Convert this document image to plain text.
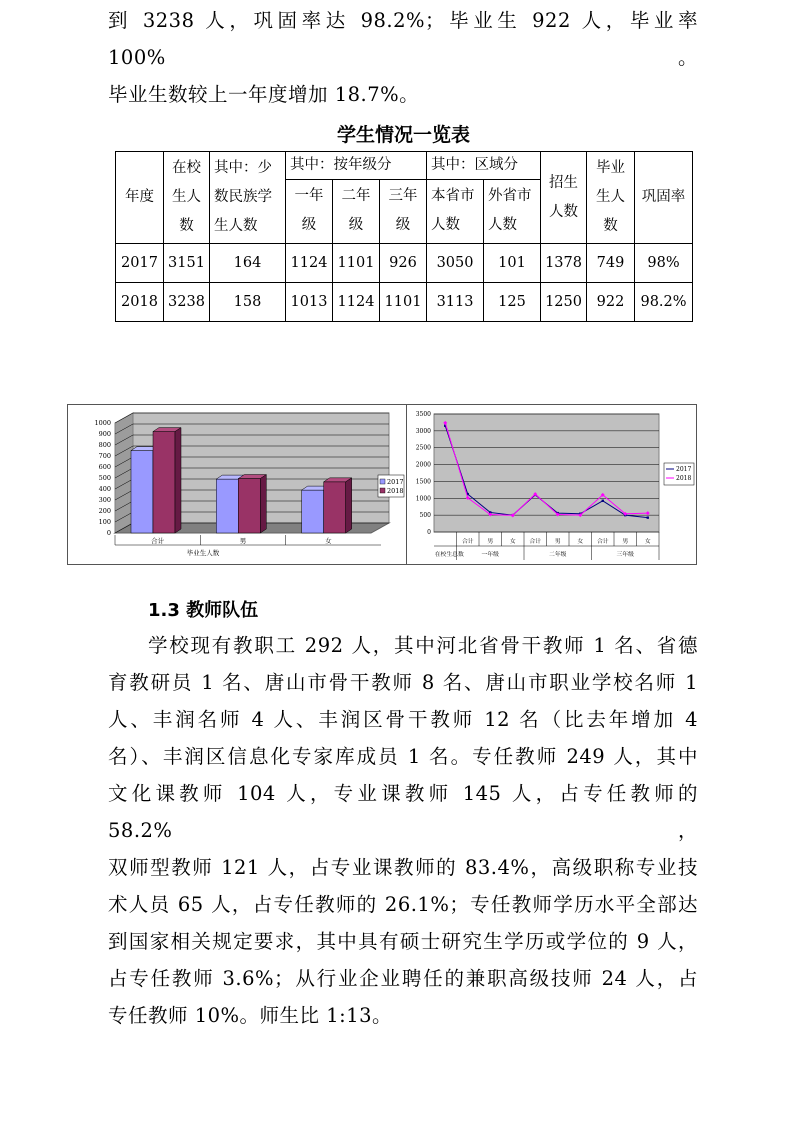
到 3238 人，巩固率达 98.2%；毕业生 922 人，毕业率 100%。
毕业生数较上一年度增加 18.7%。
学生情况一览表
年度	在校生人数	其中：少数民族学生人数	其中：按年级分			其中：区域分		招生人数	毕业生人数	巩固率
			一年级	二年级	三年级	本省市人数	外省市人数			
2017	3151	164	1124	1101	926	3050	101	1378	749	98%
2018	3238	158	1013	1124	1101	3113	125	1250	922	98.2%
0
100
200
300
400
500
600
700
800
900
1000
合计	男	女
毕业生人数
2017
2018
0
500
1000
1500
2000
2500
3000
3500
在校生总数
合计 男	女 合计 男	女 合计 男	女
一年级	二年级	三年级
2017
2018
1.3 教师队伍
学校现有教职工 292 人，其中河北省骨干教师 1 名、省德
育教研员 1 名、唐山市骨干教师 8 名、唐山市职业学校名师 1
人、丰润名师 4 人、丰润区骨干教师 12 名（比去年增加 4
名）、丰润区信息化专家库成员 1 名。专任教师 249 人，其中
文化课教师 104 人，专业课教师 145 人，占专任教师的 58.2%，
双师型教师 121 人，占专业课教师的 83.4%，高级职称专业技
术人员 65 人，占专任教师的 26.1%；专任教师学历水平全部达
到国家相关规定要求，其中具有硕士研究生学历或学位的 9 人，
占专任教师 3.6%；从行业企业聘任的兼职高级技师 24 人，占
专任教师 10%。师生比 1:13。
